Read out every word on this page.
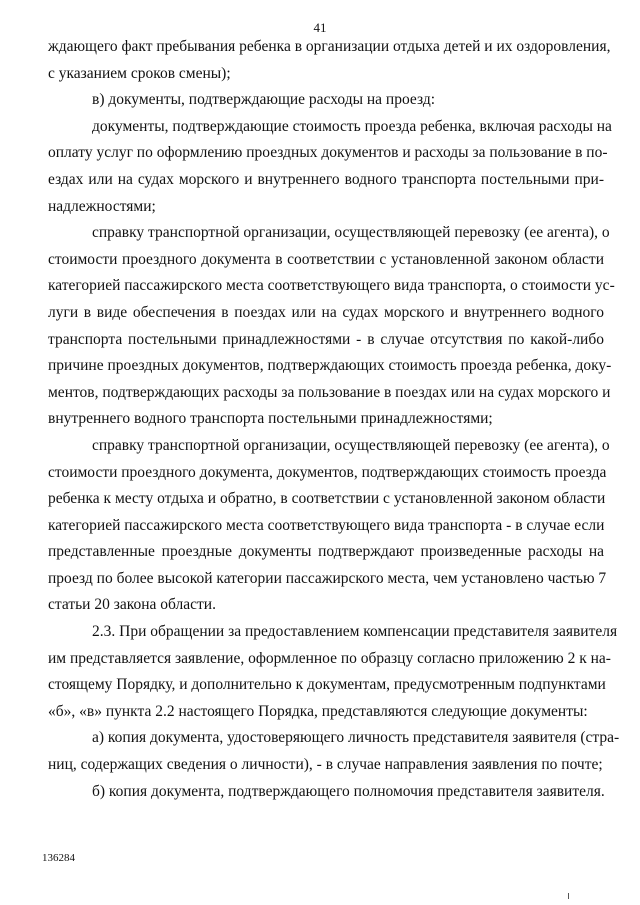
41
ждающего факт пребывания ребенка в организации отдыха детей и их оздоровления,
с указанием сроков смены);
в) документы, подтверждающие расходы на проезд:
документы, подтверждающие стоимость проезда ребенка, включая расходы на
оплату услуг по оформлению проездных документов и расходы за пользование в по-
ездах или на судах морского и внутреннего водного транспорта постельными при-
надлежностями;
справку транспортной организации, осуществляющей перевозку (ее агента), о
стоимости проездного документа в соответствии с установленной законом области
категорией пассажирского места соответствующего вида транспорта, о стоимости ус-
луги в виде обеспечения в поездах или на судах морского и внутреннего водного
транспорта постельными принадлежностями - в случае отсутствия по какой-либо
причине проездных документов, подтверждающих стоимость проезда ребенка, доку-
ментов, подтверждающих расходы за пользование в поездах или на судах морского и
внутреннего водного транспорта постельными принадлежностями;
справку транспортной организации, осуществляющей перевозку (ее агента), о
стоимости проездного документа, документов, подтверждающих стоимость проезда
ребенка к месту отдыха и обратно, в соответствии с установленной законом области
категорией пассажирского места соответствующего вида транспорта - в случае если
представленные проездные документы подтверждают произведенные расходы на
проезд по более высокой категории пассажирского места, чем установлено частью 7
статьи 20 закона области.
2.3. При обращении за предоставлением компенсации представителя заявителя
им представляется заявление, оформленное по образцу согласно приложению 2 к на-
стоящему Порядку, и дополнительно к документам, предусмотренным подпунктами
«б», «в» пункта 2.2 настоящего Порядка, представляются следующие документы:
а) копия документа, удостоверяющего личность представителя заявителя (стра-
ниц, содержащих сведения о личности), - в случае направления заявления по почте;
б) копия документа, подтверждающего полномочия представителя заявителя.
136284
